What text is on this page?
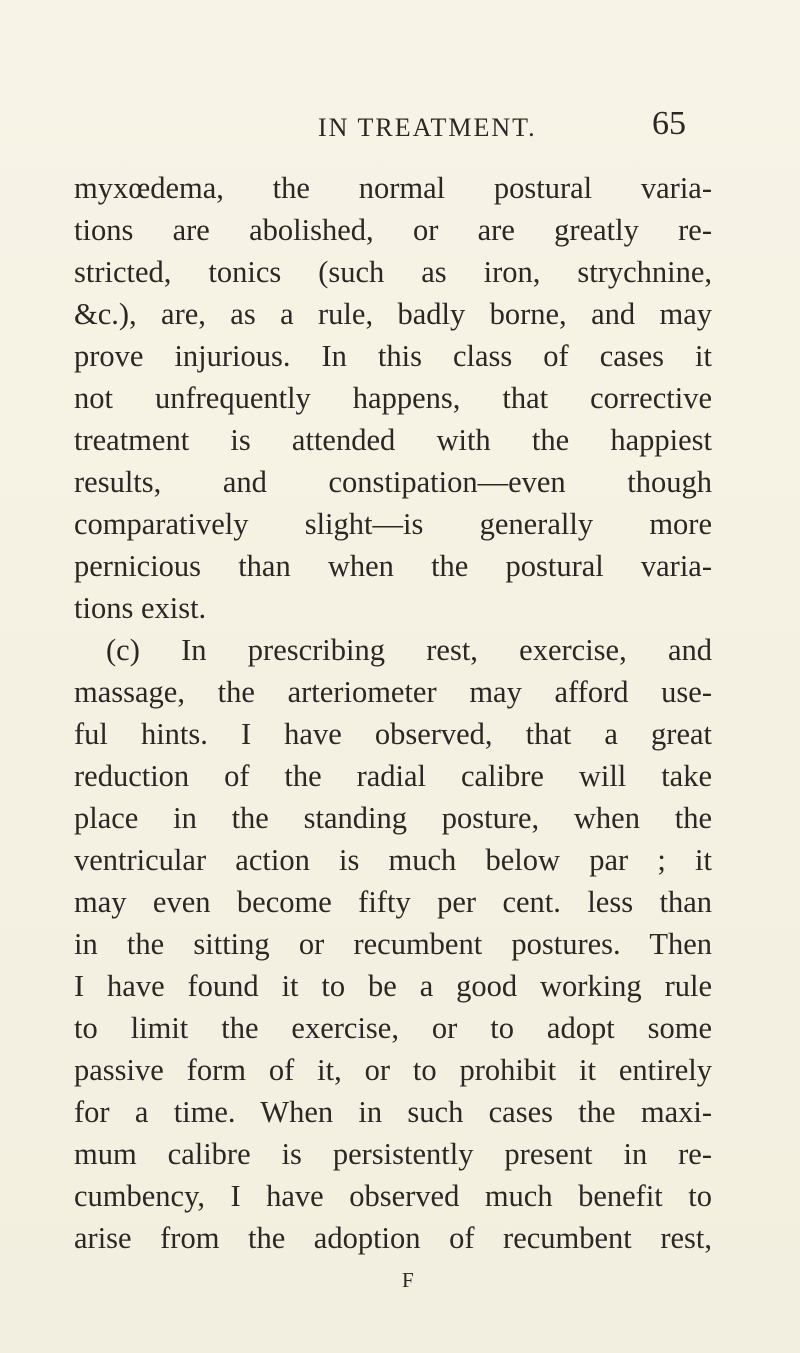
IN TREATMENT.	65
myxœdema, the normal postural varia-
tions are abolished, or are greatly re-
stricted, tonics (such as iron, strychnine,
&c.), are, as a rule, badly borne, and may
prove injurious. In this class of cases it
not unfrequently happens, that corrective
treatment is attended with the happiest
results, and constipation—even though
comparatively slight—is generally more
pernicious than when the postural varia-
tions exist.
(c) In prescribing rest, exercise, and
massage, the arteriometer may afford use-
ful hints. I have observed, that a great
reduction of the radial calibre will take
place in the standing posture, when the
ventricular action is much below par ; it
may even become fifty per cent. less than
in the sitting or recumbent postures. Then
I have found it to be a good working rule
to limit the exercise, or to adopt some
passive form of it, or to prohibit it entirely
for a time. When in such cases the maxi-
mum calibre is persistently present in re-
cumbency, I have observed much benefit to
arise from the adoption of recumbent rest,
F
